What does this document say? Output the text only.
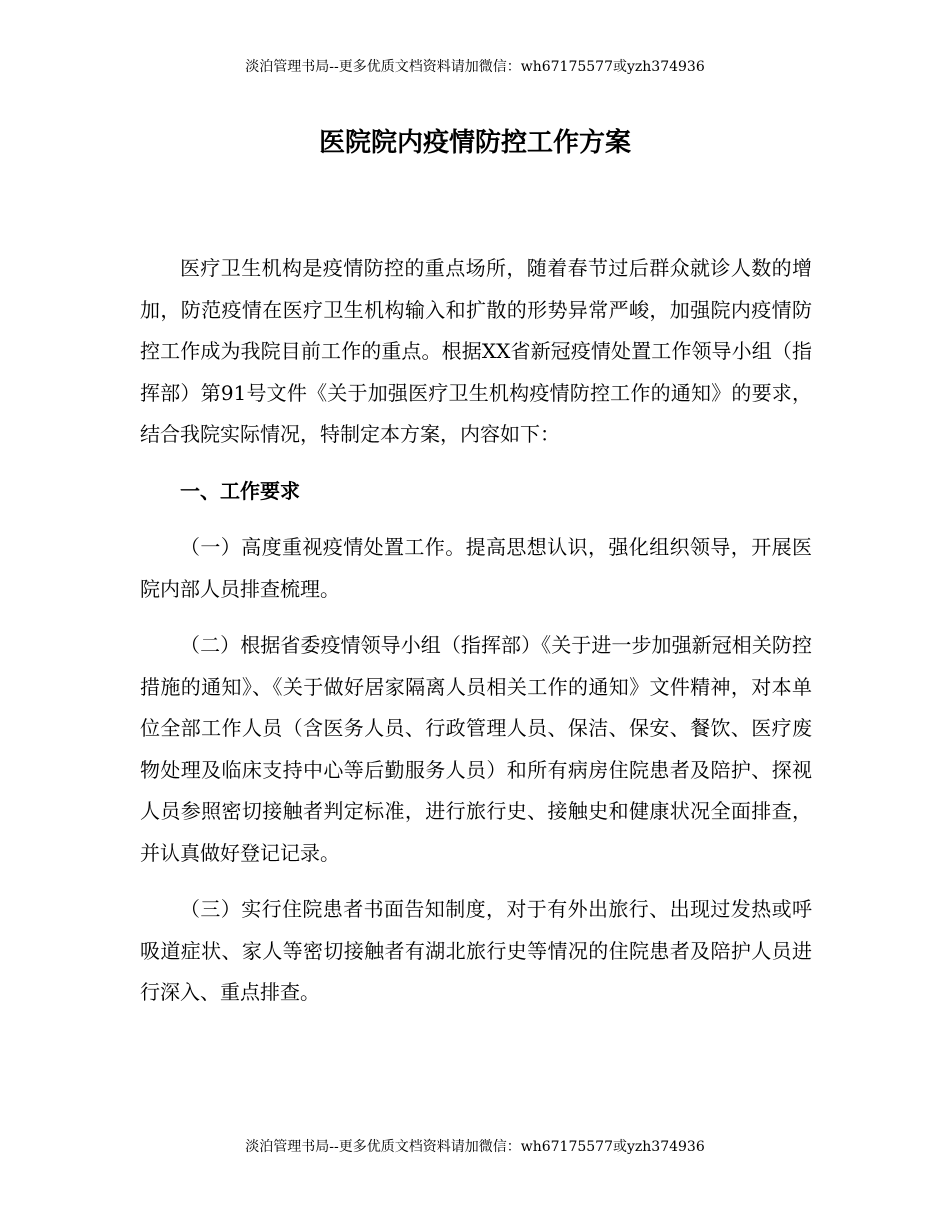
淡泊管理书局--更多优质文档资料请加微信：wh67175577或yzh374936
医院院内疫情防控工作方案

医疗卫生机构是疫情防控的重点场所，随着春节过后群众就诊人数的增加，防范疫情在医疗卫生机构输入和扩散的形势异常严峻，加强院内疫情防控工作成为我院目前工作的重点。根据XX省新冠疫情处置工作领导小组（指挥部）第91号文件《关于加强医疗卫生机构疫情防控工作的通知》的要求，结合我院实际情况，特制定本方案，内容如下：

一、工作要求

（一）高度重视疫情处置工作。提高思想认识，强化组织领导，开展医院内部人员排查梳理。

（二）根据省委疫情领导小组（指挥部）《关于进一步加强新冠相关防控措施的通知》、《关于做好居家隔离人员相关工作的通知》文件精神，对本单位全部工作人员（含医务人员、行政管理人员、保洁、保安、餐饮、医疗废物处理及临床支持中心等后勤服务人员）和所有病房住院患者及陪护、探视人员参照密切接触者判定标准，进行旅行史、接触史和健康状况全面排查，并认真做好登记记录。

（三）实行住院患者书面告知制度，对于有外出旅行、出现过发热或呼吸道症状、家人等密切接触者有湖北旅行史等情况的住院患者及陪护人员进行深入、重点排查。

淡泊管理书局--更多优质文档资料请加微信：wh67175577或yzh374936
